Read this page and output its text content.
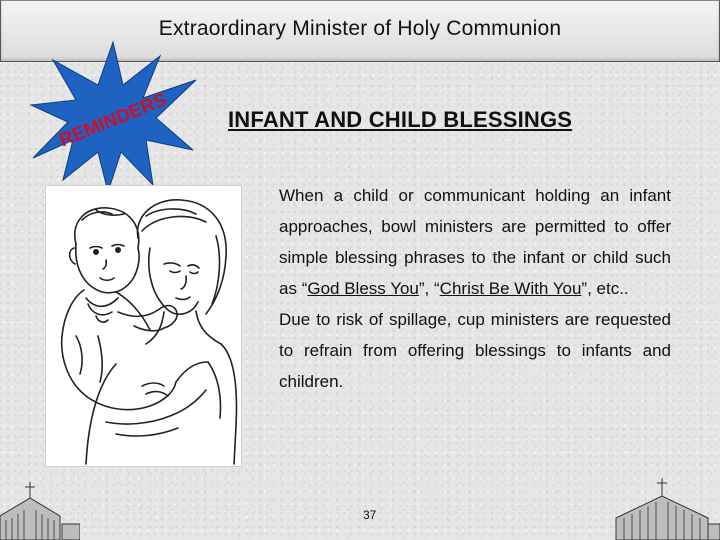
Extraordinary Minister of Holy Communion
REMINDERS	INFANT AND CHILD BLESSINGS

When a child or communicant holding an infant approaches, bowl ministers are permitted to offer simple blessing phrases to the infant or child such as “God Bless You”, “Christ Be With You”, etc..

Due to risk of spillage, cup ministers are requested to refrain from offering blessings to infants and children.

37
